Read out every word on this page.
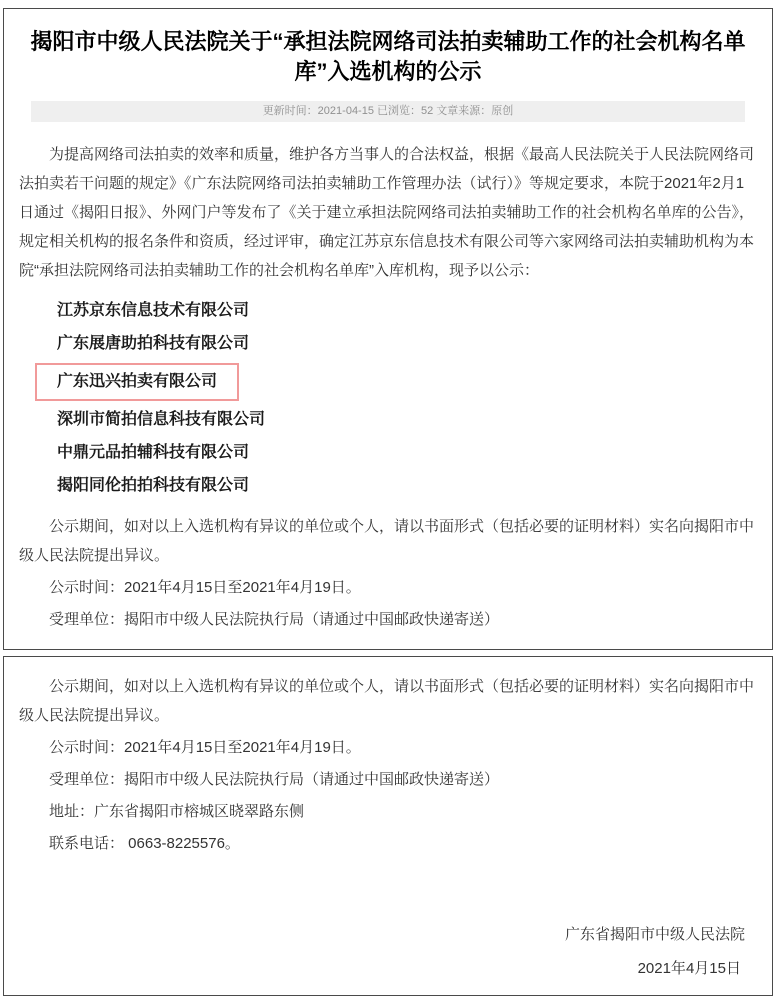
揭阳市中级人民法院关于“承担法院网络司法拍卖辅助工作的社会机构名单库”入选机构的公示
更新时间：2021-04-15 已浏览：52 文章来源：原创

为提高网络司法拍卖的效率和质量，维护各方当事人的合法权益，根据《最高人民法院关于人民法院网络司法拍卖若干问题的规定》《广东法院网络司法拍卖辅助工作管理办法（试行）》等规定要求，本院于2021年2月1日通过《揭阳日报》、外网门户等发布了《关于建立承担法院网络司法拍卖辅助工作的社会机构名单库的公告》，规定相关机构的报名条件和资质，经过评审，确定江苏京东信息技术有限公司等六家网络司法拍卖辅助机构为本院“承担法院网络司法拍卖辅助工作的社会机构名单库”入库机构，现予以公示：

江苏京东信息技术有限公司

广东展唐助拍科技有限公司

广东迅兴拍卖有限公司

深圳市简拍信息科技有限公司

中鼎元品拍辅科技有限公司

揭阳同伦拍拍科技有限公司

公示期间，如对以上入选机构有异议的单位或个人，请以书面形式（包括必要的证明材料）实名向揭阳市中级人民法院提出异议。

公示时间：2021年4月15日至2021年4月19日。

受理单位：揭阳市中级人民法院执行局（请通过中国邮政快递寄送）

公示期间，如对以上入选机构有异议的单位或个人，请以书面形式（包括必要的证明材料）实名向揭阳市中级人民法院提出异议。

公示时间：2021年4月15日至2021年4月19日。

受理单位：揭阳市中级人民法院执行局（请通过中国邮政快递寄送）

地址：广东省揭阳市榕城区晓翠路东侧

联系电话： 0663-8225576。

广东省揭阳市中级人民法院

2021年4月15日
